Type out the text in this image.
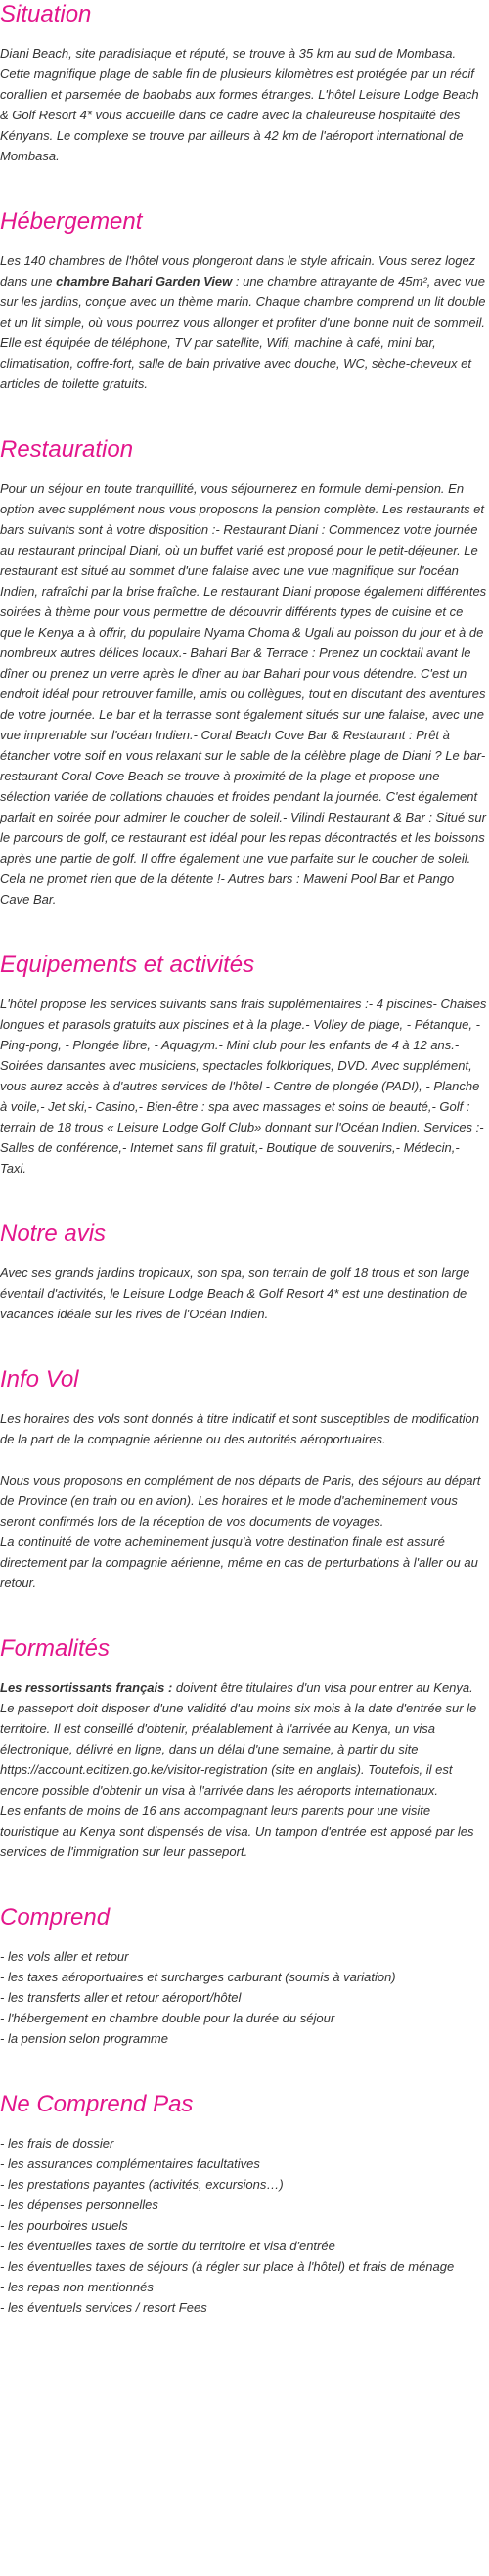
Situation

Diani Beach, site paradisiaque et réputé, se trouve à 35 km au sud de Mombasa. Cette magnifique plage de sable fin de plusieurs kilomètres est protégée par un récif corallien et parsemée de baobabs aux formes étranges. L'hôtel Leisure Lodge Beach & Golf Resort 4* vous accueille dans ce cadre avec la chaleureuse hospitalité des Kényans. Le complexe se trouve par ailleurs à 42 km de l'aéroport international de Mombasa.

Hébergement

Les 140 chambres de l'hôtel vous plongeront dans le style africain. Vous serez logez dans une chambre Bahari Garden View : une chambre attrayante de 45m², avec vue sur les jardins, conçue avec un thème marin. Chaque chambre comprend un lit double et un lit simple, où vous pourrez vous allonger et profiter d'une bonne nuit de sommeil. Elle est équipée de téléphone, TV par satellite, Wifi, machine à café, mini bar, climatisation, coffre-fort, salle de bain privative avec douche, WC, sèche-cheveux et articles de toilette gratuits.

Restauration

Pour un séjour en toute tranquillité, vous séjournerez en formule demi-pension. En option avec supplément nous vous proposons la pension complète. Les restaurants et bars suivants sont à votre disposition :- Restaurant Diani : Commencez votre journée au restaurant principal Diani, où un buffet varié est proposé pour le petit-déjeuner. Le restaurant est situé au sommet d'une falaise avec une vue magnifique sur l'océan Indien, rafraîchi par la brise fraîche. Le restaurant Diani propose également différentes soirées à thème pour vous permettre de découvrir différents types de cuisine et ce que le Kenya a à offrir, du populaire Nyama Choma & Ugali au poisson du jour et à de nombreux autres délices locaux.- Bahari Bar & Terrace : Prenez un cocktail avant le dîner ou prenez un verre après le dîner au bar Bahari pour vous détendre. C'est un endroit idéal pour retrouver famille, amis ou collègues, tout en discutant des aventures de votre journée. Le bar et la terrasse sont également situés sur une falaise, avec une vue imprenable sur l'océan Indien.- Coral Beach Cove Bar & Restaurant : Prêt à étancher votre soif en vous relaxant sur le sable de la célèbre plage de Diani ? Le bar-restaurant Coral Cove Beach se trouve à proximité de la plage et propose une sélection variée de collations chaudes et froides pendant la journée. C'est également parfait en soirée pour admirer le coucher de soleil.- Vilindi Restaurant & Bar : Situé sur le parcours de golf, ce restaurant est idéal pour les repas décontractés et les boissons après une partie de golf. Il offre également une vue parfaite sur le coucher de soleil. Cela ne promet rien que de la détente !- Autres bars : Maweni Pool Bar et Pango Cave Bar.

Equipements et activités

L'hôtel propose les services suivants sans frais supplémentaires :- 4 piscines- Chaises longues et parasols gratuits aux piscines et à la plage.- Volley de plage, - Pétanque, - Ping-pong, - Plongée libre, - Aquagym.- Mini club pour les enfants de 4 à 12 ans.- Soirées dansantes avec musiciens, spectacles folkloriques, DVD. Avec supplément, vous aurez accès à d'autres services de l'hôtel - Centre de plongée (PADI), - Planche à voile,- Jet ski,- Casino,- Bien-être : spa avec massages et soins de beauté,- Golf : terrain de 18 trous « Leisure Lodge Golf Club» donnant sur l'Océan Indien. Services :- Salles de conférence,- Internet sans fil gratuit,- Boutique de souvenirs,- Médecin,- Taxi.

Notre avis

Avec ses grands jardins tropicaux, son spa, son terrain de golf 18 trous et son large éventail d'activités, le Leisure Lodge Beach & Golf Resort 4* est une destination de vacances idéale sur les rives de l'Océan Indien.

Info Vol

Les horaires des vols sont donnés à titre indicatif et sont susceptibles de modification de la part de la compagnie aérienne ou des autorités aéroportuaires.

Nous vous proposons en complément de nos départs de Paris, des séjours au départ de Province (en train ou en avion). Les horaires et le mode d'acheminement vous seront confirmés lors de la réception de vos documents de voyages.

La continuité de votre acheminement jusqu'à votre destination finale est assuré directement par la compagnie aérienne, même en cas de perturbations à l'aller ou au retour.

Formalités

Les ressortissants français : doivent être titulaires d'un visa pour entrer au Kenya. Le passeport doit disposer d'une validité d'au moins six mois à la date d'entrée sur le territoire. Il est conseillé d'obtenir, préalablement à l'arrivée au Kenya, un visa électronique, délivré en ligne, dans un délai d'une semaine, à partir du site https://account.ecitizen.go.ke/visitor-registration (site en anglais). Toutefois, il est encore possible d'obtenir un visa à l'arrivée dans les aéroports internationaux.

Les enfants de moins de 16 ans accompagnant leurs parents pour une visite touristique au Kenya sont dispensés de visa. Un tampon d'entrée est apposé par les services de l'immigration sur leur passeport.

Comprend
- les vols aller et retour
- les taxes aéroportuaires et surcharges carburant (soumis à variation)
- les transferts aller et retour aéroport/hôtel
- l'hébergement en chambre double pour la durée du séjour
- la pension selon programme
Ne Comprend Pas
- les frais de dossier
- les assurances complémentaires facultatives
- les prestations payantes (activités, excursions…)
- les dépenses personnelles
- les pourboires usuels
- les éventuelles taxes de sortie du territoire et visa d'entrée
- les éventuelles taxes de séjours (à régler sur place à l'hôtel) et frais de ménage
- les repas non mentionnés
- les éventuels services / resort Fees
